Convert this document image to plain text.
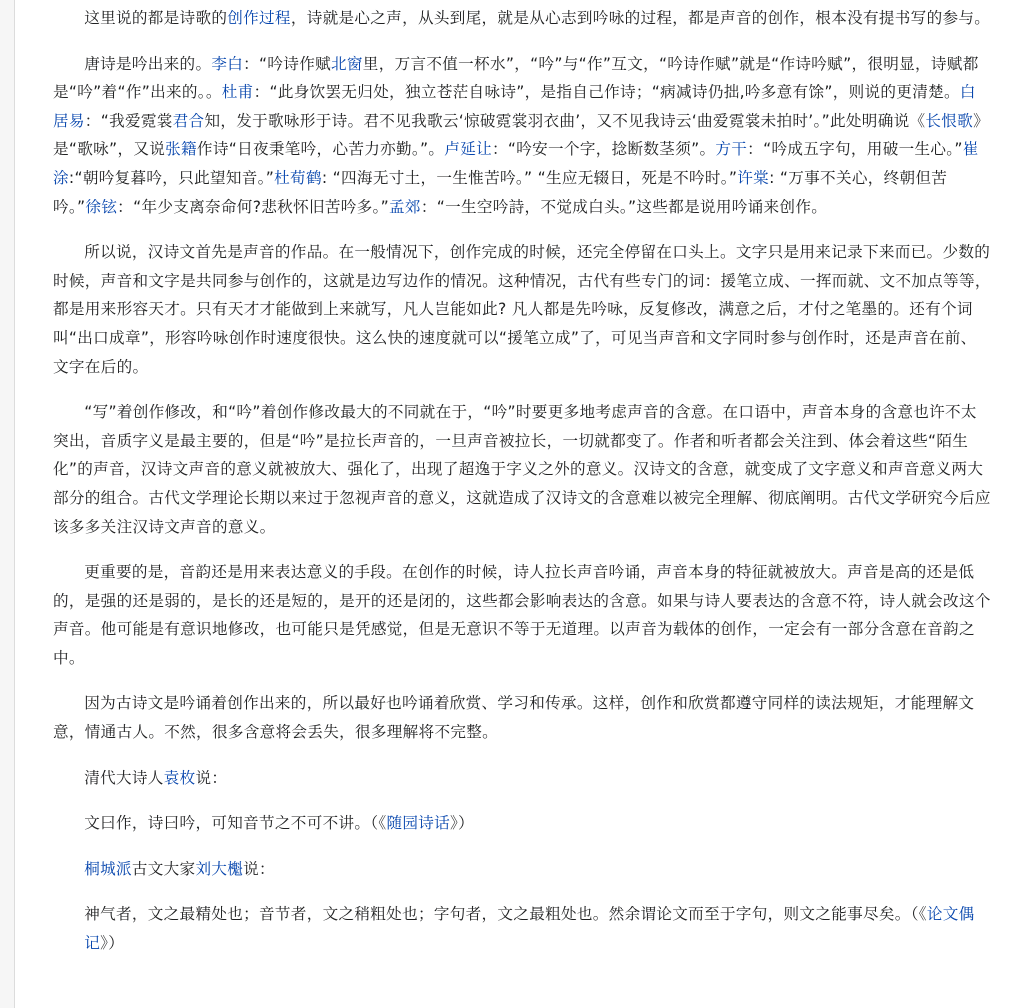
这里说的都是诗歌的创作过程，诗就是心之声，从头到尾，就是从心志到吟咏的过程，都是声音的创作，根本没有提书写的参与。

唐诗是吟出来的。李白：“吟诗作赋北窗里，万言不值一杯水”，“吟”与“作”互文，“吟诗作赋”就是“作诗吟赋”，很明显，诗赋都是“吟”着“作”出来的。。杜甫：“此身饮罢无归处，独立苍茫自咏诗”，是指自己作诗；“病减诗仍拙,吟多意有馀”，则说的更清楚。白居易：“我爱霓裳君合知，发于歌咏形于诗。君不见我歌云‘惊破霓裳羽衣曲’，又不见我诗云‘曲爱霓裳未拍时’。”此处明确说《长恨歌》是“歌咏”，又说张籍作诗“日夜秉笔吟，心苦力亦勤。”。卢延让：“吟安一个字，捻断数茎须”。方干：“吟成五字句，用破一生心。”崔涂:“朝吟复暮吟，只此望知音。”杜荀鹤: “四海无寸土，一生惟苦吟。” “生应无辍日，死是不吟时。”许棠: “万事不关心，终朝但苦吟。”徐铉：“年少支离奈命何?悲秋怀旧苦吟多。”孟郊：“一生空吟詩，不觉成白头。”这些都是说用吟诵来创作。

所以说，汉诗文首先是声音的作品。在一般情况下，创作完成的时候，还完全停留在口头上。文字只是用来记录下来而已。少数的时候，声音和文字是共同参与创作的，这就是边写边作的情况。这种情况，古代有些专门的词：援笔立成、一挥而就、文不加点等等，都是用来形容天才。只有天才才能做到上来就写，凡人岂能如此? 凡人都是先吟咏，反复修改，满意之后，才付之笔墨的。还有个词叫“出口成章”，形容吟咏创作时速度很快。这么快的速度就可以“援笔立成”了，可见当声音和文字同时参与创作时，还是声音在前、文字在后的。

“写”着创作修改，和“吟”着创作修改最大的不同就在于，“吟”时要更多地考虑声音的含意。在口语中，声音本身的含意也许不太突出，音质字义是最主要的，但是“吟”是拉长声音的，一旦声音被拉长，一切就都变了。作者和听者都会关注到、体会着这些“陌生化”的声音，汉诗文声音的意义就被放大、强化了，出现了超逸于字义之外的意义。汉诗文的含意，就变成了文字意义和声音意义两大部分的组合。古代文学理论长期以来过于忽视声音的意义，这就造成了汉诗文的含意难以被完全理解、彻底阐明。古代文学研究今后应该多多关注汉诗文声音的意义。

更重要的是，音韵还是用来表达意义的手段。在创作的时候，诗人拉长声音吟诵，声音本身的特征就被放大。声音是高的还是低的，是强的还是弱的，是长的还是短的，是开的还是闭的，这些都会影响表达的含意。如果与诗人要表达的含意不符，诗人就会改这个声音。他可能是有意识地修改，也可能只是凭感觉，但是无意识不等于无道理。以声音为载体的创作，一定会有一部分含意在音韵之中。

因为古诗文是吟诵着创作出来的，所以最好也吟诵着欣赏、学习和传承。这样，创作和欣赏都遵守同样的读法规矩，才能理解文意，情通古人。不然，很多含意将会丢失，很多理解将不完整。

清代大诗人袁枚说：

文曰作，诗曰吟，可知音节之不可不讲。（《随园诗话》）

桐城派古文大家刘大櫆说：

神气者，文之最精处也；音节者，文之稍粗处也；字句者，文之最粗处也。然余谓论文而至于字句，则文之能事尽矣。（《论文偶记》）
